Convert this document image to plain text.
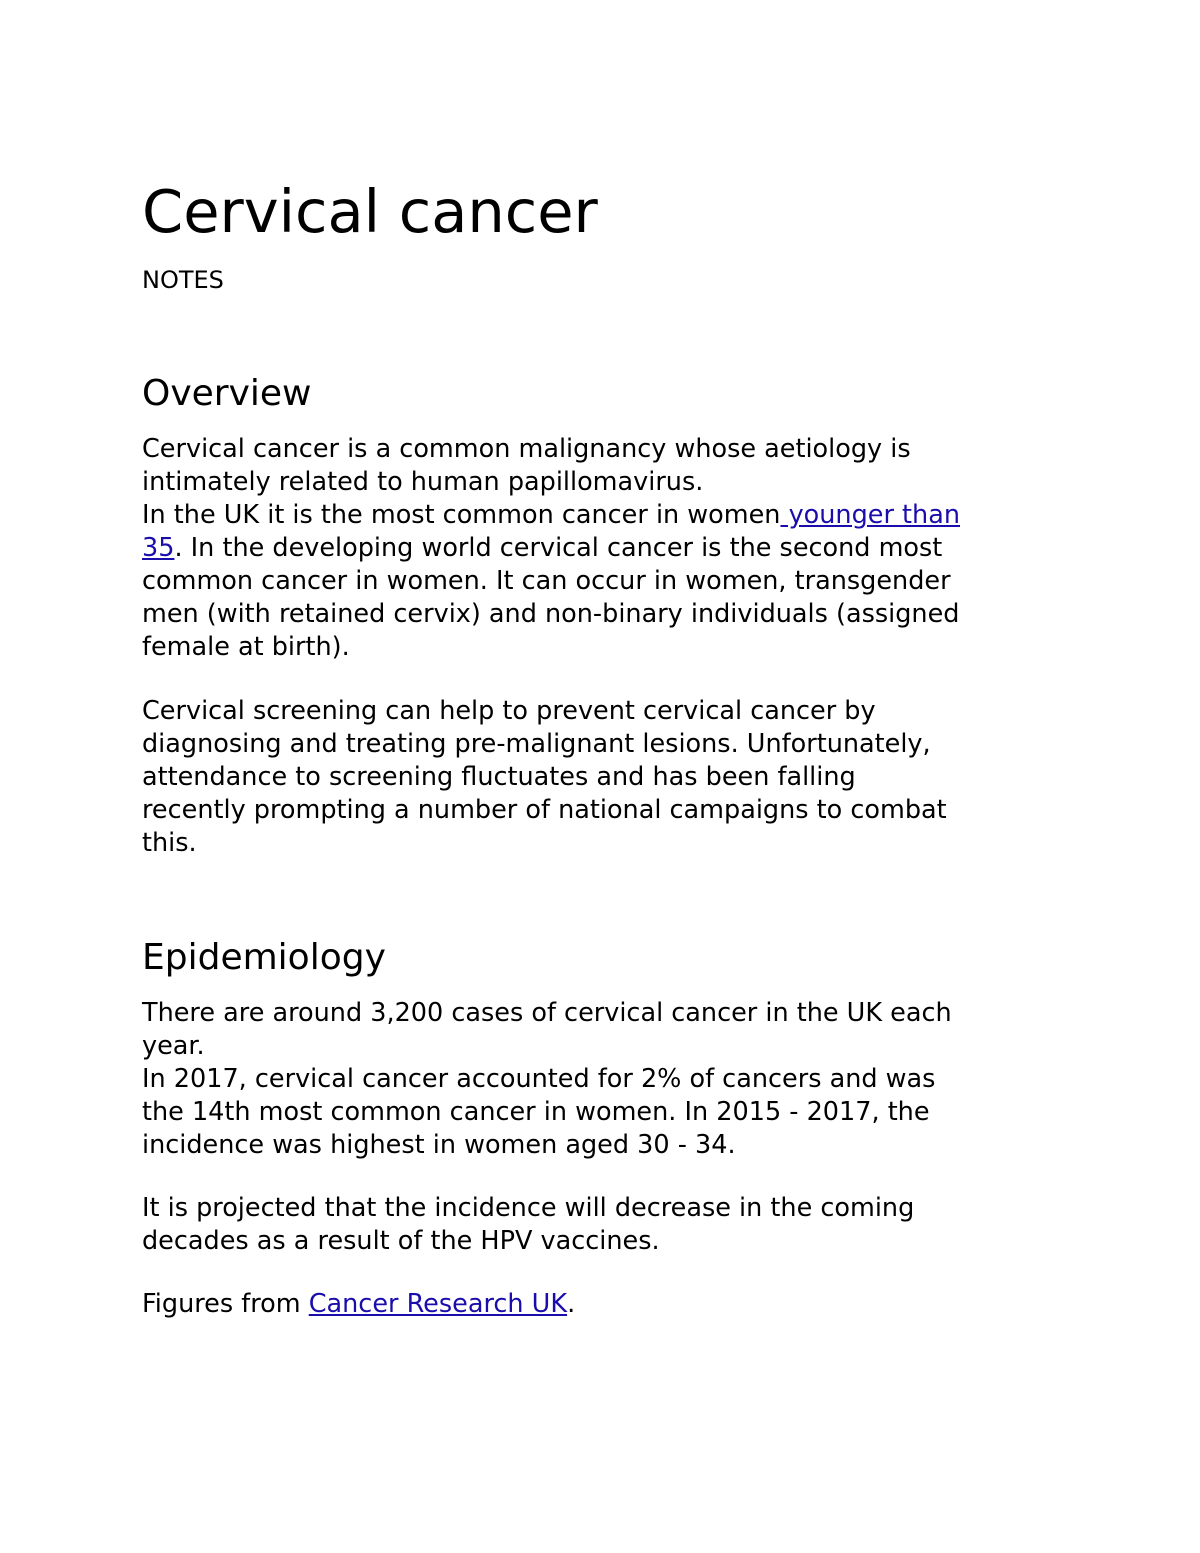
Cervical cancer
NOTES
Overview

Cervical cancer is a common malignancy whose aetiology is
intimately related to human papillomavirus.
In the UK it is the most common cancer in women younger than
35. In the developing world cervical cancer is the second most
common cancer in women. It can occur in women, transgender
men (with retained cervix) and non-binary individuals (assigned
female at birth).

Cervical screening can help to prevent cervical cancer by
diagnosing and treating pre-malignant lesions. Unfortunately,
attendance to screening fluctuates and has been falling
recently prompting a number of national campaigns to combat
this.

Epidemiology

There are around 3,200 cases of cervical cancer in the UK each
year.
In 2017, cervical cancer accounted for 2% of cancers and was
the 14th most common cancer in women. In 2015 - 2017, the
incidence was highest in women aged 30 - 34.

It is projected that the incidence will decrease in the coming
decades as a result of the HPV vaccines.

Figures from Cancer Research UK.
